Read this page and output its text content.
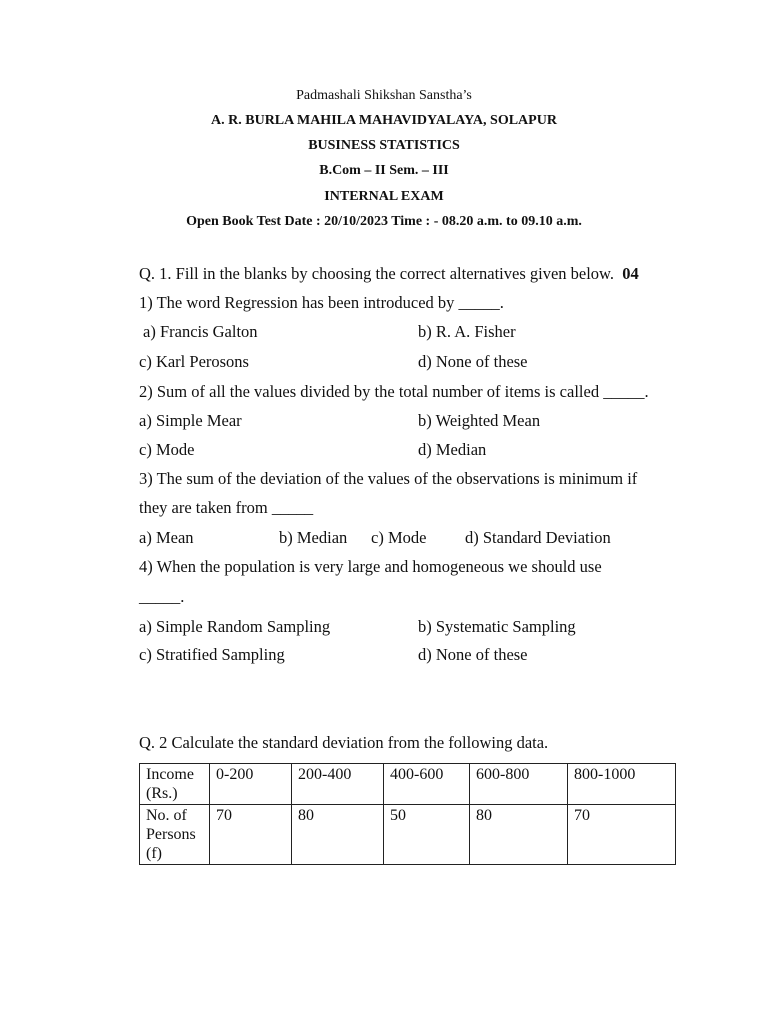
Padmashali Shikshan Sanstha’s
A. R. BURLA MAHILA MAHAVIDYALAYA, SOLAPUR
BUSINESS STATISTICS
B.Com – II Sem. – III
INTERNAL EXAM
Open Book Test Date : 20/10/2023 Time : - 08.20 a.m. to 09.10 a.m.
Q. 1. Fill in the blanks by choosing the correct alternatives given below. 04
1) The word Regression has been introduced by _____.
a) Francis Galton	b) R. A. Fisher
c) Karl Perosons	d) None of these
2) Sum of all the values divided by the total number of items is called _____.
a) Simple Mear	b) Weighted Mean
c) Mode	d) Median
3) The sum of the deviation of the values of the observations is minimum if
they are taken from _____
a) Mean	b) Median c) Mode d) Standard Deviation
4) When the population is very large and homogeneous we should use
_____.
a) Simple Random Sampling	b) Systematic Sampling
c) Stratified Sampling	d) None of these
Q. 2 Calculate the standard deviation from the following data.
Income (Rs.)	0-200	200-400	400-600	600-800	800-1000
No. of Persons (f)	70	80	50	80	70
